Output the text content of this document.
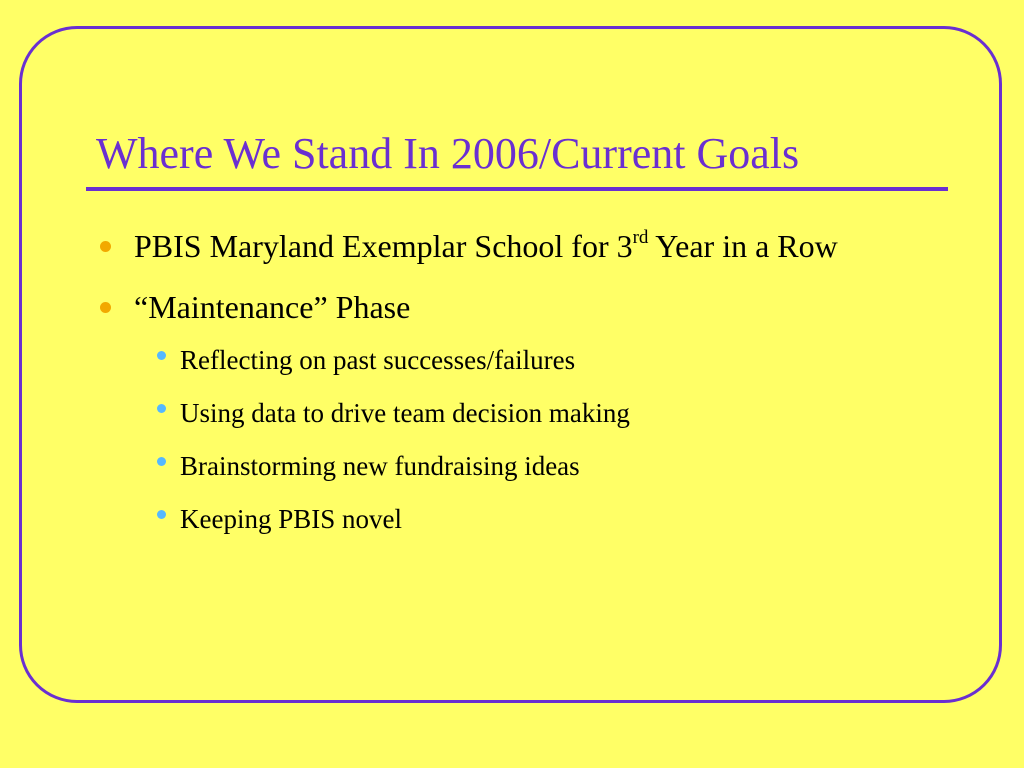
Where We Stand In 2006/Current Goals
PBIS Maryland Exemplar School for 3rd Year in a Row
“Maintenance” Phase
Reflecting on past successes/failures
Using data to drive team decision making
Brainstorming new fundraising ideas
Keeping PBIS novel
